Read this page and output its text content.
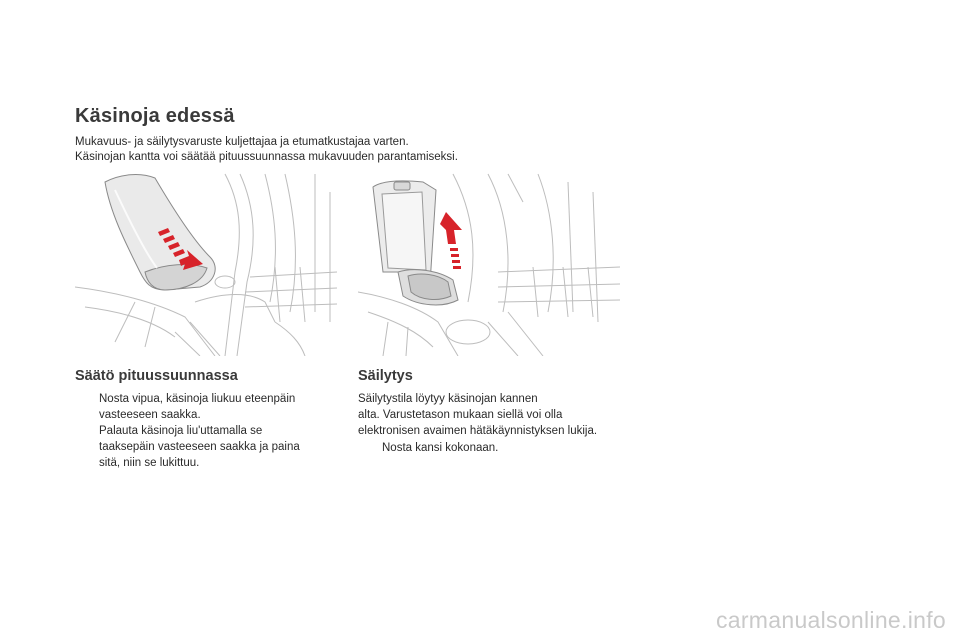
Käsinoja edessä
Mukavuus- ja säilytysvaruste kuljettajaa ja etumatkustajaa varten.
Käsinojan kantta voi säätää pituussuunnassa mukavuuden parantamiseksi.
Säätö pituussuunnassa
Nosta vipua, käsinoja liukuu eteenpäin
vasteeseen saakka.
Palauta käsinoja liu'uttamalla se
taaksepäin vasteeseen saakka ja paina
sitä, niin se lukittuu.
Säilytys
Säilytystila löytyy käsinojan kannen
alta. Varustetason mukaan siellä voi olla
elektronisen avaimen hätäkäynnistyksen lukija.
Nosta kansi kokonaan.
carmanualsonline.info
